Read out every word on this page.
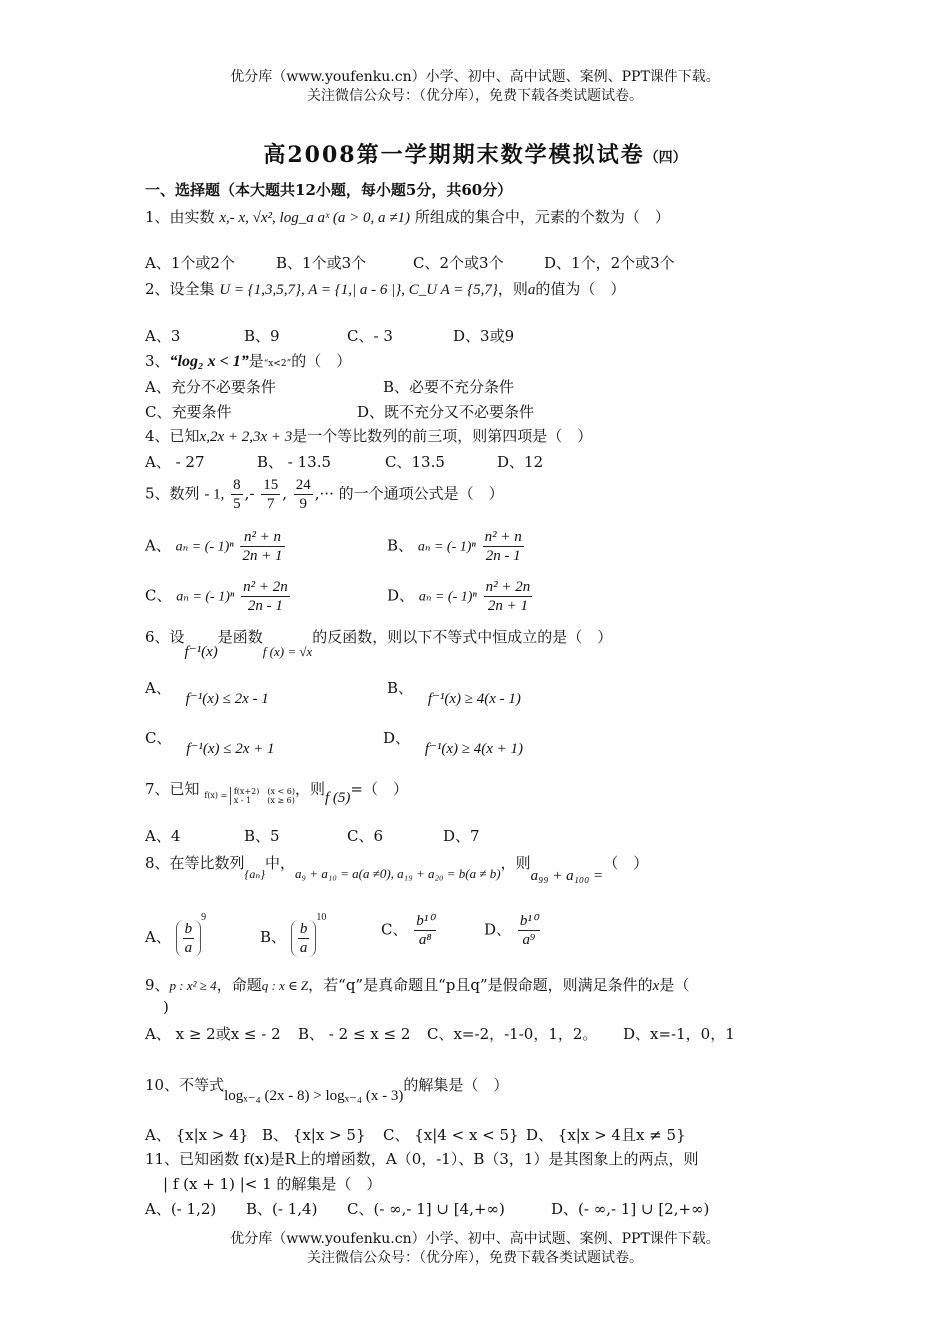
优分库（www.youfenku.cn）小学、初中、高中试题、案例、PPT课件下载。
关注微信公众号：（优分库），免费下载各类试题试卷。
高2008第一学期期末数学模拟试卷（四）
一、选择题（本大题共12小题，每小题5分，共60分）
1、由实数 x,- x, √x², log_a aˣ (a > 0, a ≠1) 所组成的集合中，元素的个数为（　）
A、1个或2个	B、1个或3个	C、2个或3个	D、1个，2个或3个
2、设全集 U = {1,3,5,7}, A = {1,| a - 6 |}, C_U A = {5,7}，则a的值为（　）
A、3	B、9	C、- 3	D、3或9
3、“log₂ x < 1”是“x<2”的（　）
A、充分不必要条件	B、必要不充分条件
C、充要条件	D、既不充分又不必要条件
4、已知x,2x + 2,3x + 3是一个等比数列的前三项，则第四项是（　）
A、 - 27	B、 - 13.5	C、13.5	D、12
5、数列 - 1, $\frac{8}{5}$ ,- $\frac{15}{7}$ , $\frac{24}{9}$ ,··· 的一个通项公式是（　）
A、 aₙ = (- $1)^n \frac{\text{n² + n}}{2n + 1}$	B、 aₙ = (- $1)^n \frac{\text{n² + n}}{2n - 1}$
C、 aₙ = (- $1)^n \frac{\text{n² + 2n}}{2n - 1}$	D、 aₙ = (- $1)^n \frac{\text{n² + 2n}}{2n + 1}$
6、设f⁻¹(x)是函数f (x) = √x的反函数，则以下不等式中恒成立的是（　）
A、 f⁻¹(x) ≤ 2x - 1
B、 f⁻¹(x) ≥ 4(x - 1)
C、 f⁻¹(x) ≤ 2x + 1
D、 f⁻¹(x) ≥ 4(x + 1)
7、已知 f(x) = f(x+2)　(x < 6)
x - 1　　(x ≥ 6)
，则f (5)=（　）
A、4	B、5	C、6	D、7
8、在等比数列$_{\{a_n\}}$中，a₉ + a₁₀ = a(a ≠0), a₁₉ + a₂₀ = b(a ≠ b)，则a₉₉ + a₁₀₀ =（　）
A、 $\frac{b}{a}$
$^9$
B、 $\frac{b}{a}$
$^{10}$
C、 $\frac{\text{b¹⁰}}{\text{a⁸}}$	D、 $\frac{\text{b¹⁰}}{\text{a⁹}}$
9、p : x² ≥ 4，命题q : x ∈ Z，若“q”是真命题且“p且q”是假命题，则满足条件的x是（
)
A、 x ≥ 2或x ≤ - 2 B、 - 2 ≤ x ≤ 2 C、x=-2，-1-0，1，2。 D、x=-1，0，1
10、不等式logₓ₋₄ (2x - 8) > logₓ₋₄ (x - 3)的解集是（　）
A、 {x|x > 4} B、 {x|x > 5} C、 {x|4 < x < 5} D、 {x|x > 4且x ≠ 5}
11、已知函数 f(x)是R上的增函数，A（0，-1）、B（3，1）是其图象上的两点，则
| f (x + 1) |< 1 的解集是（　）
A、(- 1,2) B、(- 1,4) C、(- ∞,- 1] ∪ [4,+∞)	D、(- ∞,- 1] ∪ [2,+∞)
优分库（www.youfenku.cn）小学、初中、高中试题、案例、PPT课件下载。
关注微信公众号：（优分库），免费下载各类试题试卷。
